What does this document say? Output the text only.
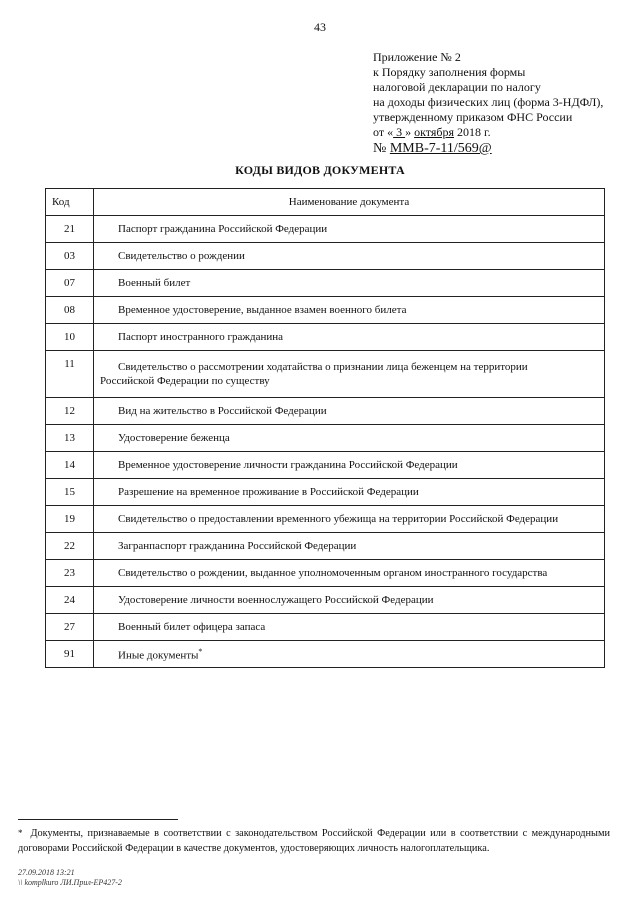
43
Приложение № 2
к Порядку заполнения формы
налоговой декларации по налогу
на доходы физических лиц (форма 3-НДФЛ),
утвержденному приказом ФНС России
от « 3 » октября 2018 г.
№ ММВ-7-11/569@
КОДЫ ВИДОВ ДОКУМЕНТА
Код	Наименование документа
21	Паспорт гражданина Российской Федерации
03	Свидетельство о рождении
07	Военный билет
08	Временное удостоверение, выданное взамен военного билета
10	Паспорт иностранного гражданина
11	Свидетельство о рассмотрении ходатайства о признании лица беженцем на территории
Российской Федерации по существу

12	Вид на жительство в Российской Федерации
13	Удостоверение беженца
14	Временное удостоверение личности гражданина Российской Федерации
15	Разрешение на временное проживание в Российской Федерации
19	Свидетельство о предоставлении временного убежища на территории Российской Федерации
22	Загранпаспорт гражданина Российской Федерации
23	Свидетельство о рождении, выданное уполномоченным органом иностранного государства
24	Удостоверение личности военнослужащего Российской Федерации
27	Военный билет офицера запаса
91	Иные документы*
* Документы, признаваемые в соответствии с законодательством Российской Федерации или в соответствии с международными договорами Российской Федерации в качестве документов, удостоверяющих личность налогоплательщика.
27.09.2018 13:21
\\ komplkuro ЛИ.Прил-ЕР427-2
